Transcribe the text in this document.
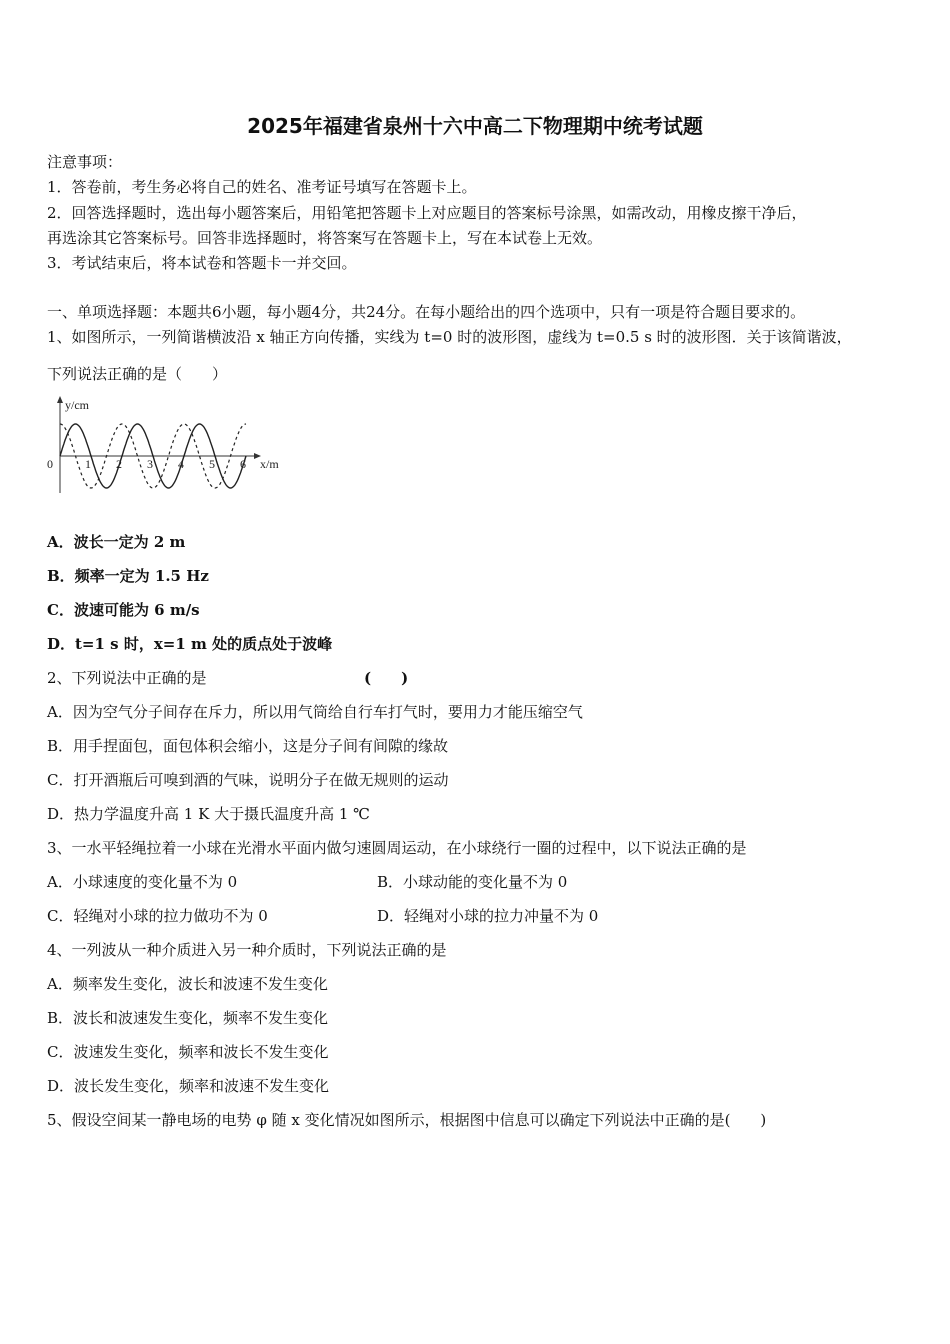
2025年福建省泉州十六中高二下物理期中统考试题
注意事项：
1．答卷前，考生务必将自己的姓名、准考证号填写在答题卡上。
2．回答选择题时，选出每小题答案后，用铅笔把答题卡上对应题目的答案标号涂黑，如需改动，用橡皮擦干净后，
再选涂其它答案标号。回答非选择题时，将答案写在答题卡上，写在本试卷上无效。
3．考试结束后，将本试卷和答题卡一并交回。
一、单项选择题：本题共6小题，每小题4分，共24分。在每小题给出的四个选项中，只有一项是符合题目要求的。
1、如图所示，一列简谐横波沿 x 轴正方向传播，实线为 t=0 时的波形图，虚线为 t=0.5 s 时的波形图．关于该简谐波，
下列说法正确的是（　　）
y/cm
x/m
0	1 2 3 4 5 6
A．波长一定为 2 m
B．频率一定为 1.5 Hz
C．波速可能为 6 m/s
D．t=1 s 时，x=1 m 处的质点处于波峰
2、下列说法中正确的是	(　　)
A．因为空气分子间存在斥力，所以用气筒给自行车打气时，要用力才能压缩空气
B．用手捏面包，面包体积会缩小，这是分子间有间隙的缘故
C．打开酒瓶后可嗅到酒的气味，说明分子在做无规则的运动
D．热力学温度升高 1 K 大于摄氏温度升高 1 ℃
3、一水平轻绳拉着一小球在光滑水平面内做匀速圆周运动，在小球绕行一圈的过程中，以下说法正确的是
A．小球速度的变化量不为 0	B．小球动能的变化量不为 0
C．轻绳对小球的拉力做功不为 0	D．轻绳对小球的拉力冲量不为 0
4、一列波从一种介质进入另一种介质时，下列说法正确的是
A．频率发生变化，波长和波速不发生变化
B．波长和波速发生变化，频率不发生变化
C．波速发生变化，频率和波长不发生变化
D．波长发生变化，频率和波速不发生变化
5、假设空间某一静电场的电势 φ 随 x 变化情况如图所示，根据图中信息可以确定下列说法中正确的是(　　)
